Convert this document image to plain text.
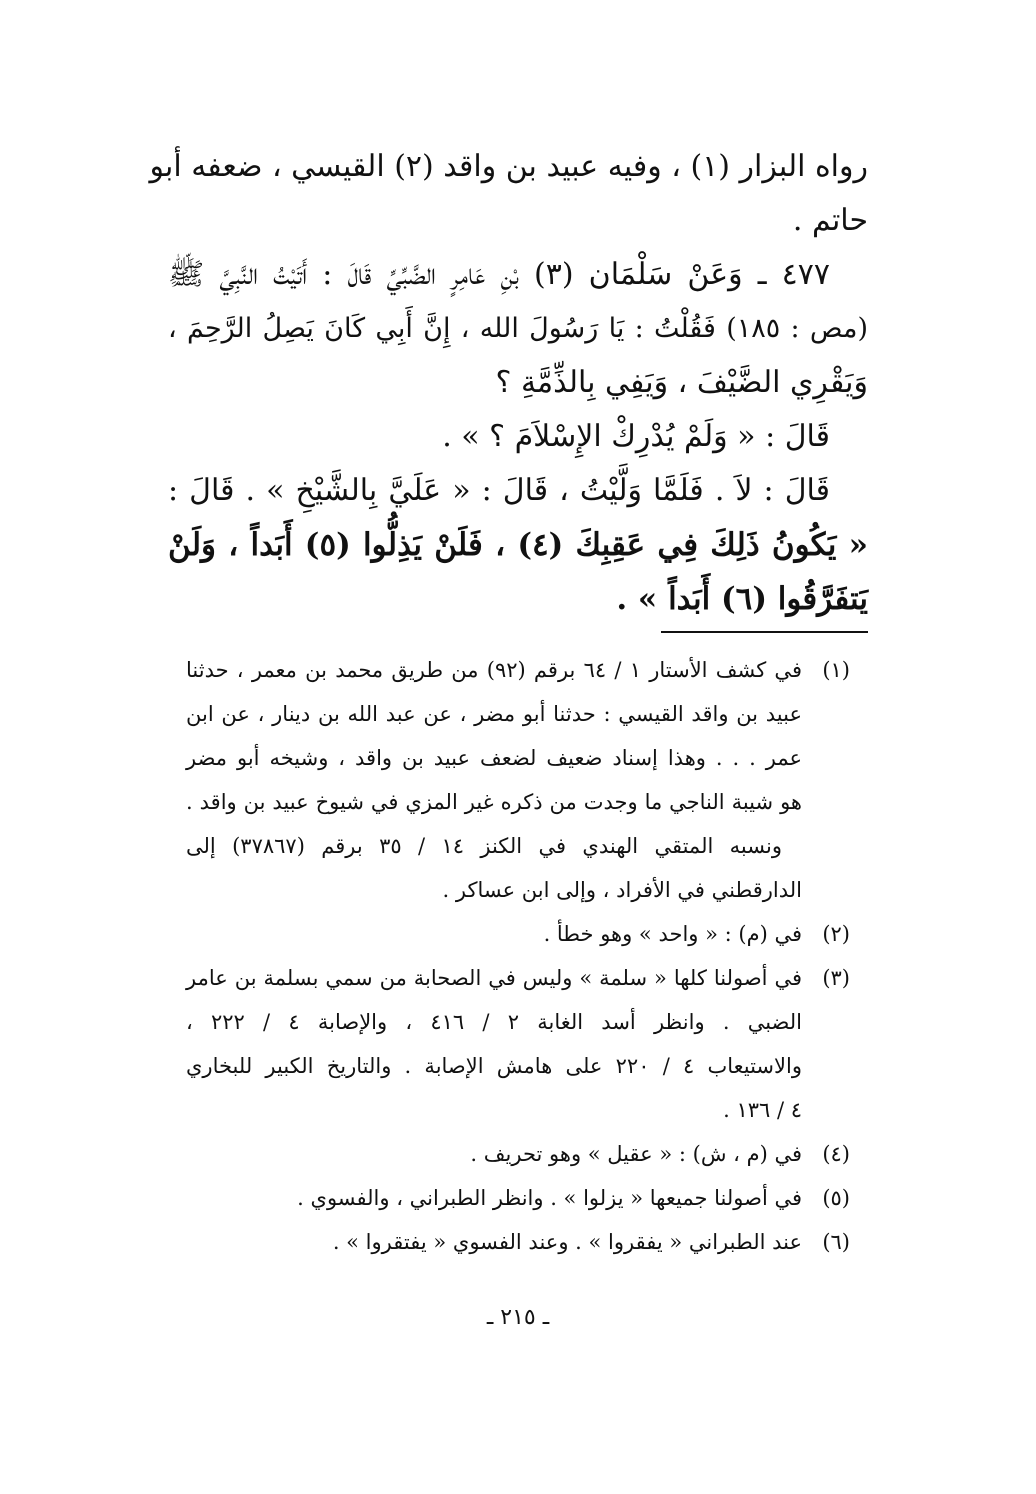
رواه البزار (١) ، وفيه عبيد بن واقد (٢) القيسي ، ضعفه أبو
حاتم .
٤٧٧ ـ وَعَنْ سَلْمَان (٣) بْنِ عَامِرٍ الضَّبِّيِّ قَالَ : أَتَيْتُ النَّبِيَّ ﷺ
(مص : ١٨٥) فَقُلْتُ : يَا رَسُولَ الله ، إِنَّ أَبِي كَانَ يَصِلُ الرَّحِمَ ،
وَيَقْرِي الضَّيْفَ ، وَيَفِي بِالذِّمَّةِ ؟
قَالَ : « وَلَمْ يُدْرِكْ الإِسْلاَمَ ؟ » .
قَالَ : لاَ . فَلَمَّا وَلَّيْتُ ، قَالَ : « عَلَيَّ بِالشَّيْخِ » . قَالَ :
« يَكُونُ ذَلِكَ فِي عَقِبِكَ (٤) ، فَلَنْ يَذِلُّوا (٥) أَبَداً ، وَلَنْ
يَتفَرَّقُوا (٦) أَبَداً » .
(١)
في كشف الأستار ١ / ٦٤ برقم (٩٢) من طريق محمد بن معمر ، حدثنا
عبيد بن واقد القيسي : حدثنا أبو مضر ، عن عبد الله بن دينار ، عن ابن
عمر . . . وهذا إسناد ضعيف لضعف عبيد بن واقد ، وشيخه أبو مضر
هو شيبة الناجي ما وجدت من ذكره غير المزي في شيوخ عبيد بن واقد .
ونسبه المتقي الهندي في الكنز ١٤ / ٣٥ برقم (٣٧٨٦٧) إلى
الدارقطني في الأفراد ، وإلى ابن عساكر .
(٢)
في (م) : « واحد » وهو خطأ .
(٣)
في أصولنا كلها « سلمة » وليس في الصحابة من سمي بسلمة بن عامر
الضبي . وانظر أسد الغابة ٢ / ٤١٦ ، والإصابة ٤ / ٢٢٢ ،
والاستيعاب ٤ / ٢٢٠ على هامش الإصابة . والتاريخ الكبير للبخاري
٤ / ١٣٦ .
(٤)
في (م ، ش) : « عقيل » وهو تحريف .
(٥)
في أصولنا جميعها « يزلوا » . وانظر الطبراني ، والفسوي .
(٦)
عند الطبراني « يفقروا » . وعند الفسوي « يفتقروا » .
ـ ٢١٥ ـ
